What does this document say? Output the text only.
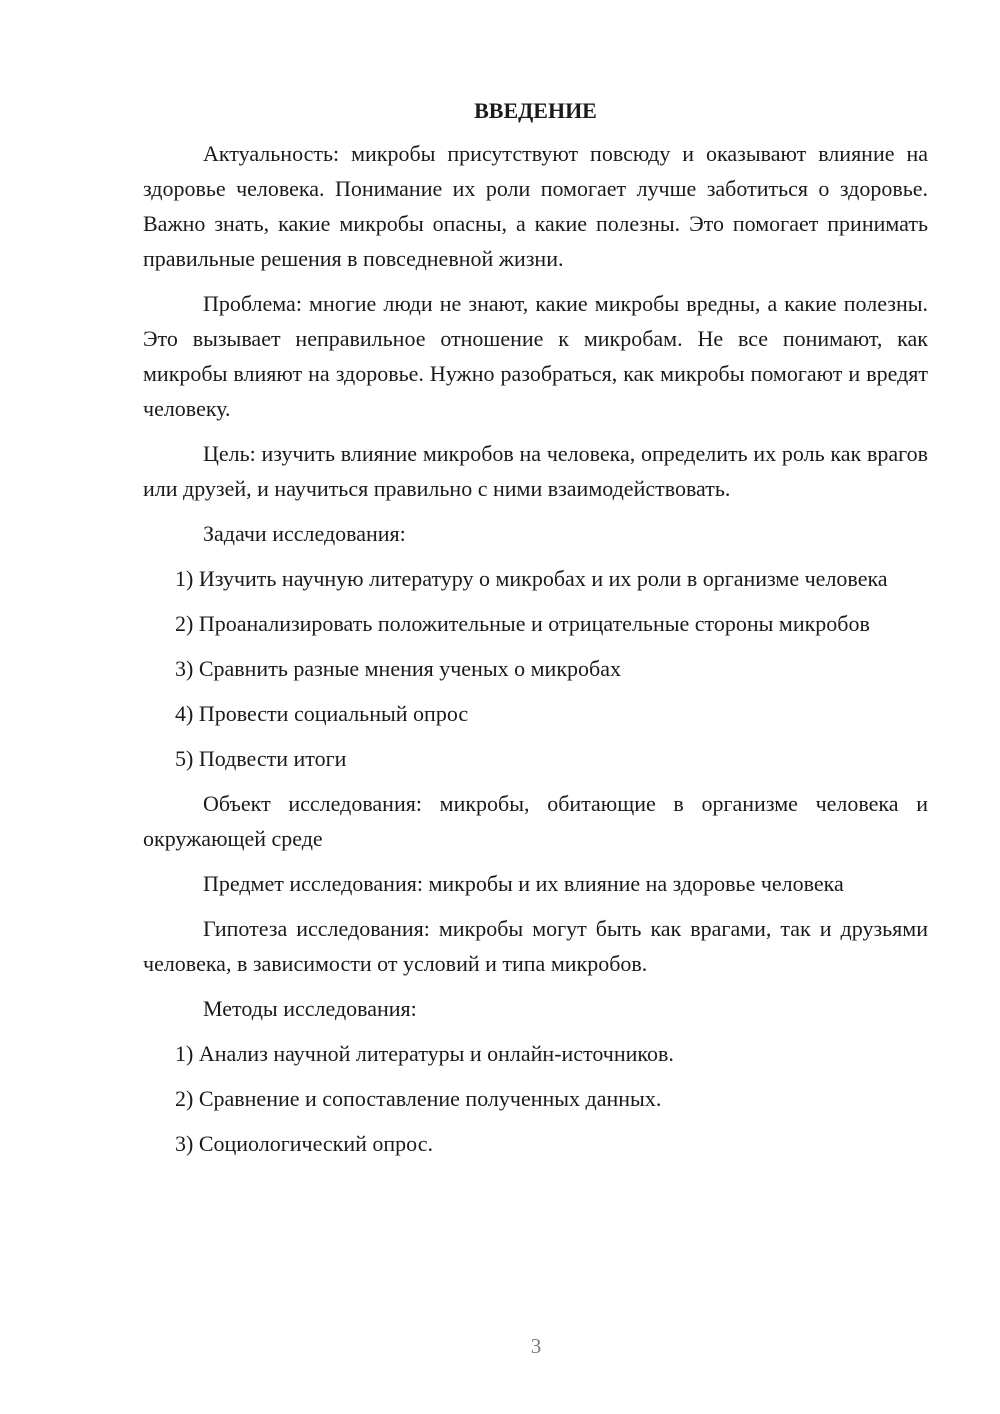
ВВЕДЕНИЕ

Актуальность: микробы присутствуют повсюду и оказывают влияние на здоровье человека. Понимание их роли помогает лучше заботиться о здоровье. Важно знать, какие микробы опасны, а какие полезны. Это помогает принимать правильные решения в повседневной жизни.

Проблема: многие люди не знают, какие микробы вредны, а какие полезны. Это вызывает неправильное отношение к микробам. Не все понимают, как микробы влияют на здоровье. Нужно разобраться, как микробы помогают и вредят человеку.

Цель: изучить влияние микробов на человека, определить их роль как врагов или друзей, и научиться правильно с ними взаимодействовать.

Задачи исследования:

1) Изучить научную литературу о микробах и их роли в организме человека

2) Проанализировать положительные и отрицательные стороны микробов

3) Сравнить разные мнения ученых о микробах

4) Провести социальный опрос

5) Подвести итоги

Объект исследования: микробы, обитающие в организме человека и окружающей среде

Предмет исследования: микробы и их влияние на здоровье человека

Гипотеза исследования: микробы могут быть как врагами, так и друзьями человека, в зависимости от условий и типа микробов.

Методы исследования:

1) Анализ научной литературы и онлайн-источников.

2) Сравнение и сопоставление полученных данных.

3) Социологический опрос.

3
